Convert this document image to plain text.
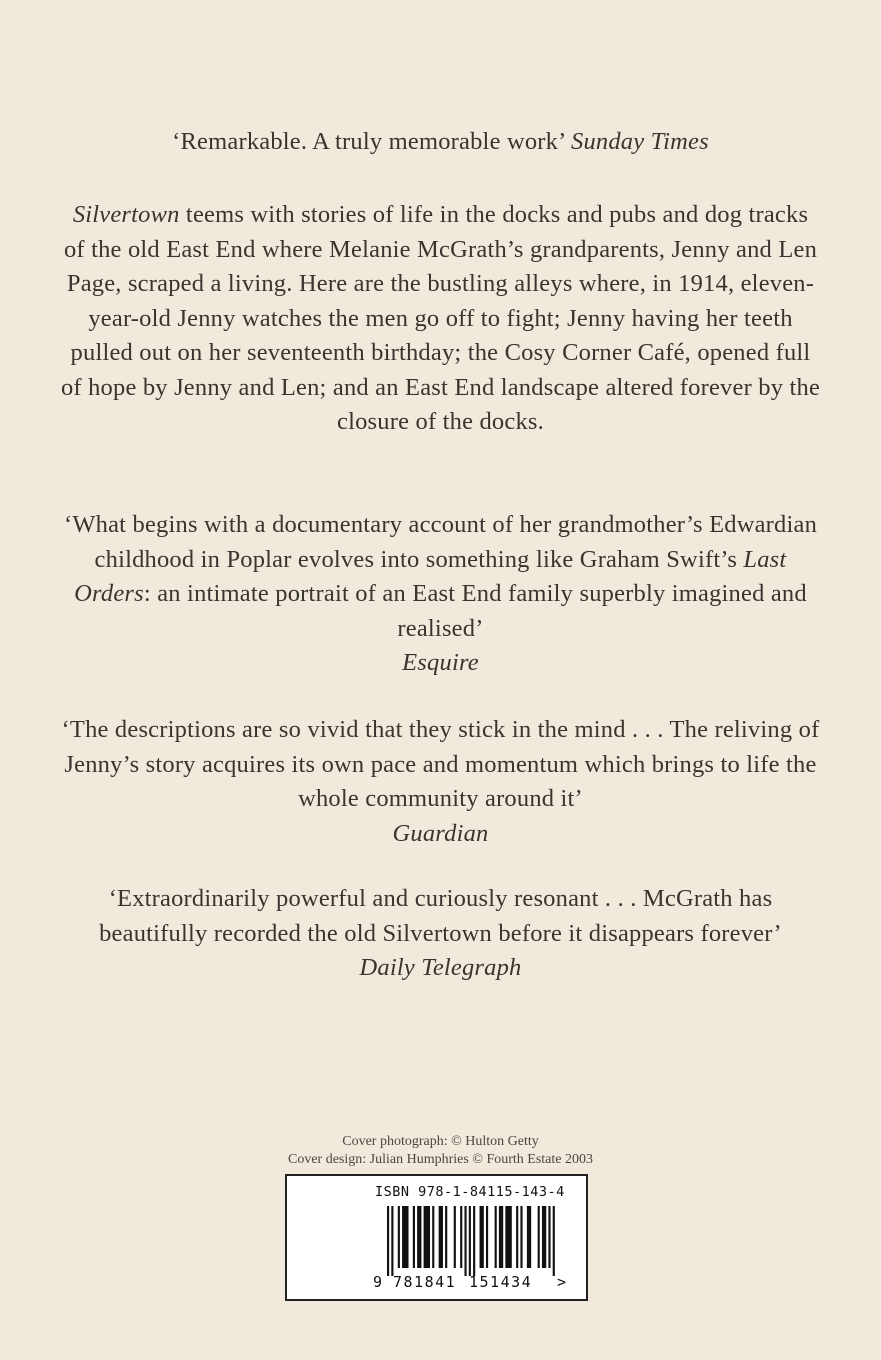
‘Remarkable. A truly memorable work’ Sunday Times
Silvertown teems with stories of life in the docks and pubs and dog tracks of the old East End where Melanie McGrath’s grandparents, Jenny and Len Page, scraped a living. Here are the bustling alleys where, in 1914, eleven-year-old Jenny watches the men go off to fight; Jenny having her teeth pulled out on her seventeenth birthday; the Cosy Corner Café, opened full of hope by Jenny and Len; and an East End landscape altered forever by the closure of the docks.
‘What begins with a documentary account of her grandmother’s Edwardian childhood in Poplar evolves into something like Graham Swift’s Last Orders: an intimate portrait of an East End family superbly imagined and realised’
Esquire
‘The descriptions are so vivid that they stick in the mind . . . The reliving of Jenny’s story acquires its own pace and momentum which brings to life the whole community around it’
Guardian
‘Extraordinarily powerful and curiously resonant . . . McGrath has beautifully recorded the old Silvertown before it disappears forever’
Daily Telegraph
Cover photograph: © Hulton Getty
Cover design: Julian Humphries © Fourth Estate 2003
ISBN 978-1-84115-143-4
9 781841 151434 >
